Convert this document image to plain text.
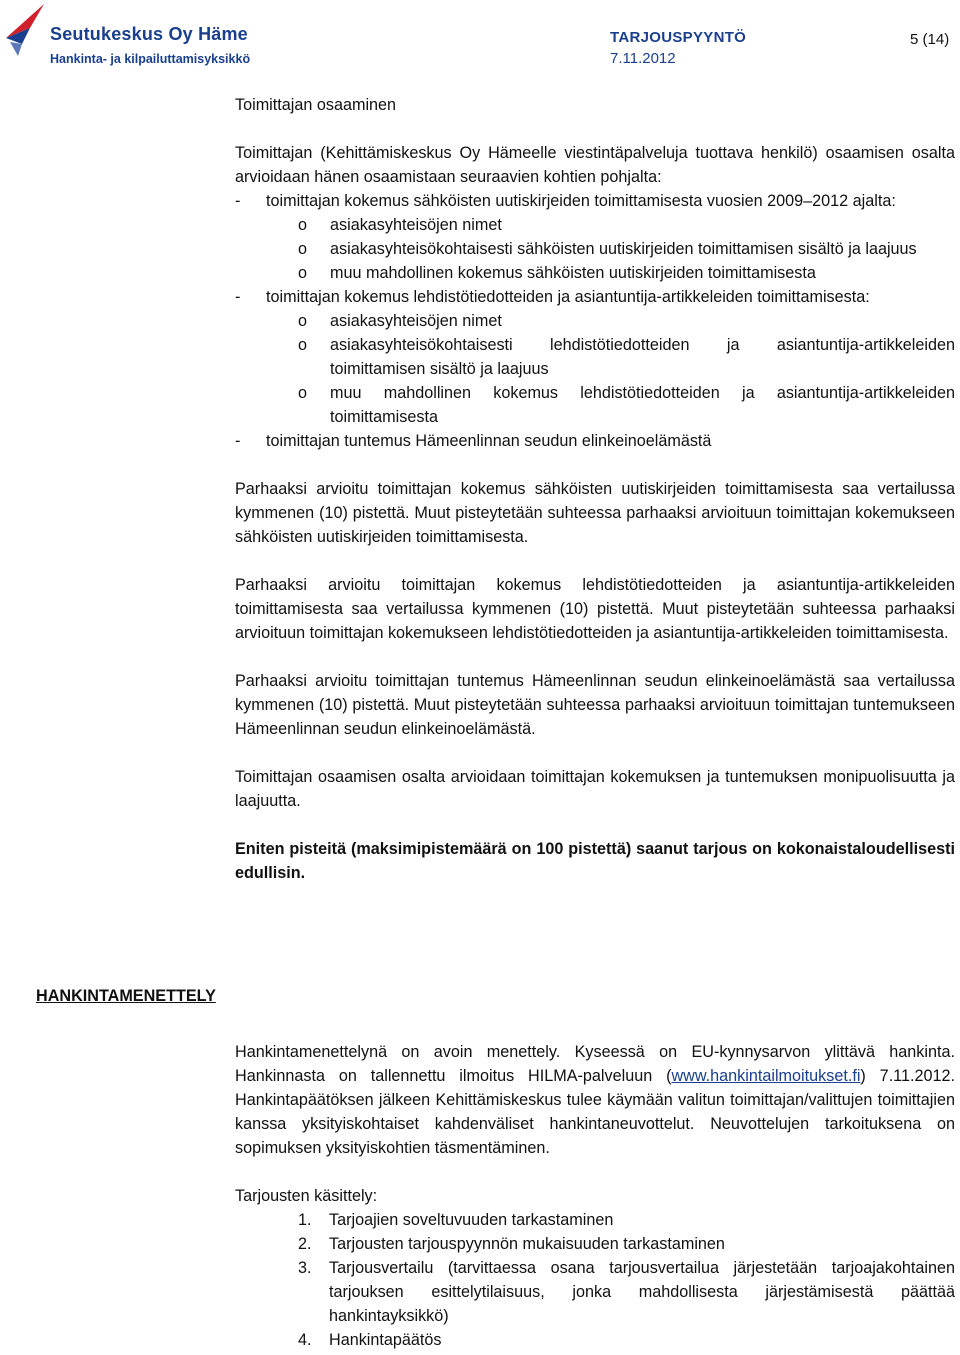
Seutukeskus Oy Häme
Hankinta- ja kilpailuttamisyksikkö
TARJOUSPYYNTÖ
7.11.2012
5 (14)

Toimittajan osaaminen

Toimittajan (Kehittämiskeskus Oy Hämeelle viestintäpalveluja tuottava henkilö) osaamisen osalta arvioidaan hänen osaamistaan seuraavien kohtien pohjalta:

- toimittajan kokemus sähköisten uutiskirjeiden toimittamisesta vuosien 2009–2012 ajalta:
o asiakasyhteisöjen nimet
o asiakasyhteisökohtaisesti sähköisten uutiskirjeiden toimittamisen sisältö ja laajuus
o muu mahdollinen kokemus sähköisten uutiskirjeiden toimittamisesta
- toimittajan kokemus lehdistötiedotteiden ja asiantuntija-artikkeleiden toimittamisesta:
o asiakasyhteisöjen nimet
o asiakasyhteisökohtaisesti lehdistötiedotteiden ja asiantuntija-artikkeleiden toimittamisen sisältö ja laajuus
o muu mahdollinen kokemus lehdistötiedotteiden ja asiantuntija-artikkeleiden toimittamisesta
- toimittajan tuntemus Hämeenlinnan seudun elinkeinoelämästä

Parhaaksi arvioitu toimittajan kokemus sähköisten uutiskirjeiden toimittamisesta saa vertailussa kymmenen (10) pistettä. Muut pisteytetään suhteessa parhaaksi arvioituun toimittajan kokemukseen sähköisten uutiskirjeiden toimittamisesta.

Parhaaksi arvioitu toimittajan kokemus lehdistötiedotteiden ja asiantuntija-artikkeleiden toimittamisesta saa vertailussa kymmenen (10) pistettä. Muut pisteytetään suhteessa parhaaksi arvioituun toimittajan kokemukseen lehdistötiedotteiden ja asiantuntija-artikkeleiden toimittamisesta.

Parhaaksi arvioitu toimittajan tuntemus Hämeenlinnan seudun elinkeinoelämästä saa vertailussa kymmenen (10) pistettä. Muut pisteytetään suhteessa parhaaksi arvioituun toimittajan tuntemukseen Hämeenlinnan seudun elinkeinoelämästä.

Toimittajan osaamisen osalta arvioidaan toimittajan kokemuksen ja tuntemuksen monipuolisuutta ja laajuutta.

Eniten pisteitä (maksimipistemäärä on 100 pistettä) saanut tarjous on kokonaistaloudellisesti edullisin.

HANKINTAMENETTELY

Hankintamenettelynä on avoin menettely. Kyseessä on EU-kynnysarvon ylittävä hankinta. Hankinnasta on tallennettu ilmoitus HILMA-palveluun (www.hankintailmoitukset.fi) 7.11.2012. Hankintapäätöksen jälkeen Kehittämiskeskus tulee käymään valitun toimittajan/valittujen toimittajien kanssa yksityiskohtaiset kahdenväliset hankintaneuvottelut. Neuvottelujen tarkoituksena on sopimuksen yksityiskohtien täsmentäminen.

Tarjousten käsittely:

1. Tarjoajien soveltuvuuden tarkastaminen
2. Tarjousten tarjouspyynnön mukaisuuden tarkastaminen
3. Tarjousvertailu (tarvittaessa osana tarjousvertailua järjestetään tarjoajakohtainen tarjouksen esittelytilaisuus, jonka mahdollisesta järjestämisestä päättää hankintayksikkö)
4. Hankintapäätös
